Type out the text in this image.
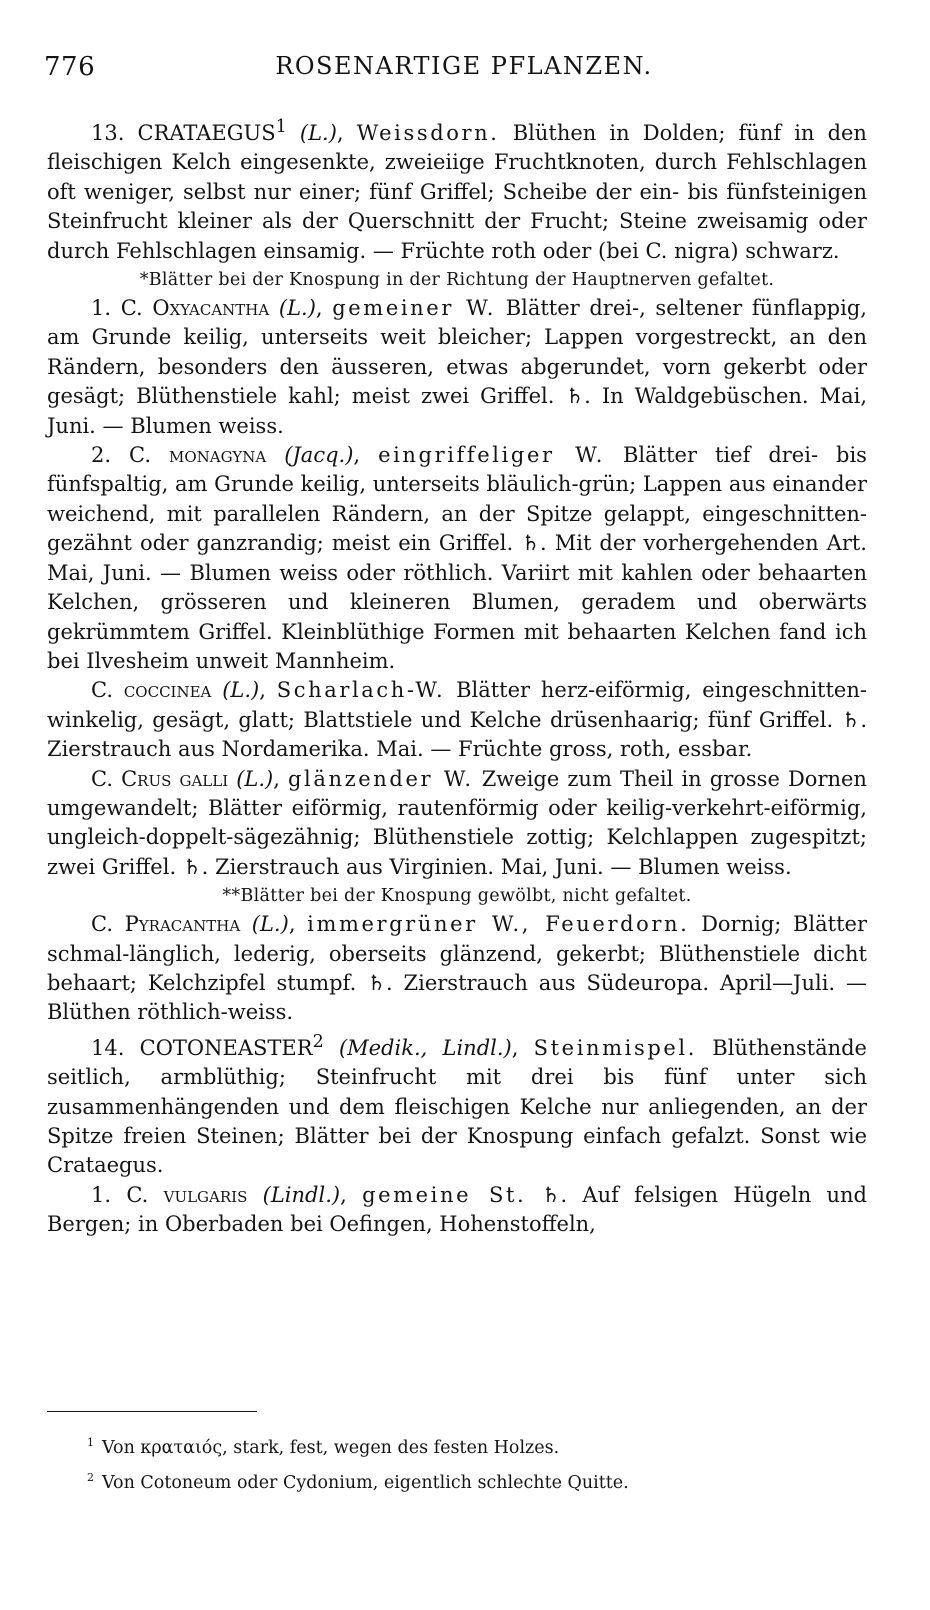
776	ROSENARTIGE PFLANZEN.

13. CRATAEGUS$^1$ (L.), Weissdorn. Blüthen in Dolden; fünf in den fleischigen Kelch eingesenkte, zweieiige Fruchtknoten, durch Fehlschlagen oft weniger, selbst nur einer; fünf Griffel; Scheibe der ein- bis fünfsteinigen Steinfrucht kleiner als der Querschnitt der Frucht; Steine zweisamig oder durch Fehlschlagen einsamig. — Früchte roth oder (bei C. nigra) schwarz.

*Blätter bei der Knospung in der Richtung der Hauptnerven gefaltet.

1. C. Oxyacantha (L.), gemeiner W. Blätter drei-, seltener fünflappig, am Grunde keilig, unterseits weit bleicher; Lappen vorgestreckt, an den Rändern, besonders den äusseren, etwas abgerundet, vorn gekerbt oder gesägt; Blüthenstiele kahl; meist zwei Griffel. ♄. In Waldgebüschen. Mai, Juni. — Blumen weiss.

2. C. monagyna (Jacq.), eingriffeliger W. Blätter tief drei- bis fünfspaltig, am Grunde keilig, unterseits bläulich-grün; Lappen aus einander weichend, mit parallelen Rändern, an der Spitze gelappt, eingeschnitten-gezähnt oder ganzrandig; meist ein Griffel. ♄. Mit der vorhergehenden Art. Mai, Juni. — Blumen weiss oder röthlich. Variirt mit kahlen oder behaarten Kelchen, grösseren und kleineren Blumen, geradem und oberwärts gekrümmtem Griffel. Kleinblüthige Formen mit behaarten Kelchen fand ich bei Ilvesheim unweit Mannheim.

C. coccinea (L.), Scharlach-W. Blätter herz-eiförmig, eingeschnitten-winkelig, gesägt, glatt; Blattstiele und Kelche drüsenhaarig; fünf Griffel. ♄. Zierstrauch aus Nordamerika. Mai. — Früchte gross, roth, essbar.

C. Crus galli (L.), glänzender W. Zweige zum Theil in grosse Dornen umgewandelt; Blätter eiförmig, rautenförmig oder keilig-verkehrt-eiförmig, ungleich-doppelt-sägezähnig; Blüthenstiele zottig; Kelchlappen zugespitzt; zwei Griffel. ♄. Zierstrauch aus Virginien. Mai, Juni. — Blumen weiss.

**Blätter bei der Knospung gewölbt, nicht gefaltet.

C. Pyracantha (L.), immergrüner W., Feuerdorn. Dornig; Blätter schmal-länglich, lederig, oberseits glänzend, gekerbt; Blüthenstiele dicht behaart; Kelchzipfel stumpf. ♄. Zierstrauch aus Südeuropa. April—Juli. — Blüthen röthlich-weiss.

14. COTONEASTER$^2$ (Medik., Lindl.), Steinmispel. Blüthenstände seitlich, armblüthig; Steinfrucht mit drei bis fünf unter sich zusammenhängenden und dem fleischigen Kelche nur anliegenden, an der Spitze freien Steinen; Blätter bei der Knospung einfach gefalzt. Sonst wie Crataegus.

1. C. vulgaris (Lindl.), gemeine St. ♄. Auf felsigen Hügeln und Bergen; in Oberbaden bei Oefingen, Hohenstoffeln,

$^1$ Von κραταιός, stark, fest, wegen des festen Holzes.

$^2$ Von Cotoneum oder Cydonium, eigentlich schlechte Quitte.
